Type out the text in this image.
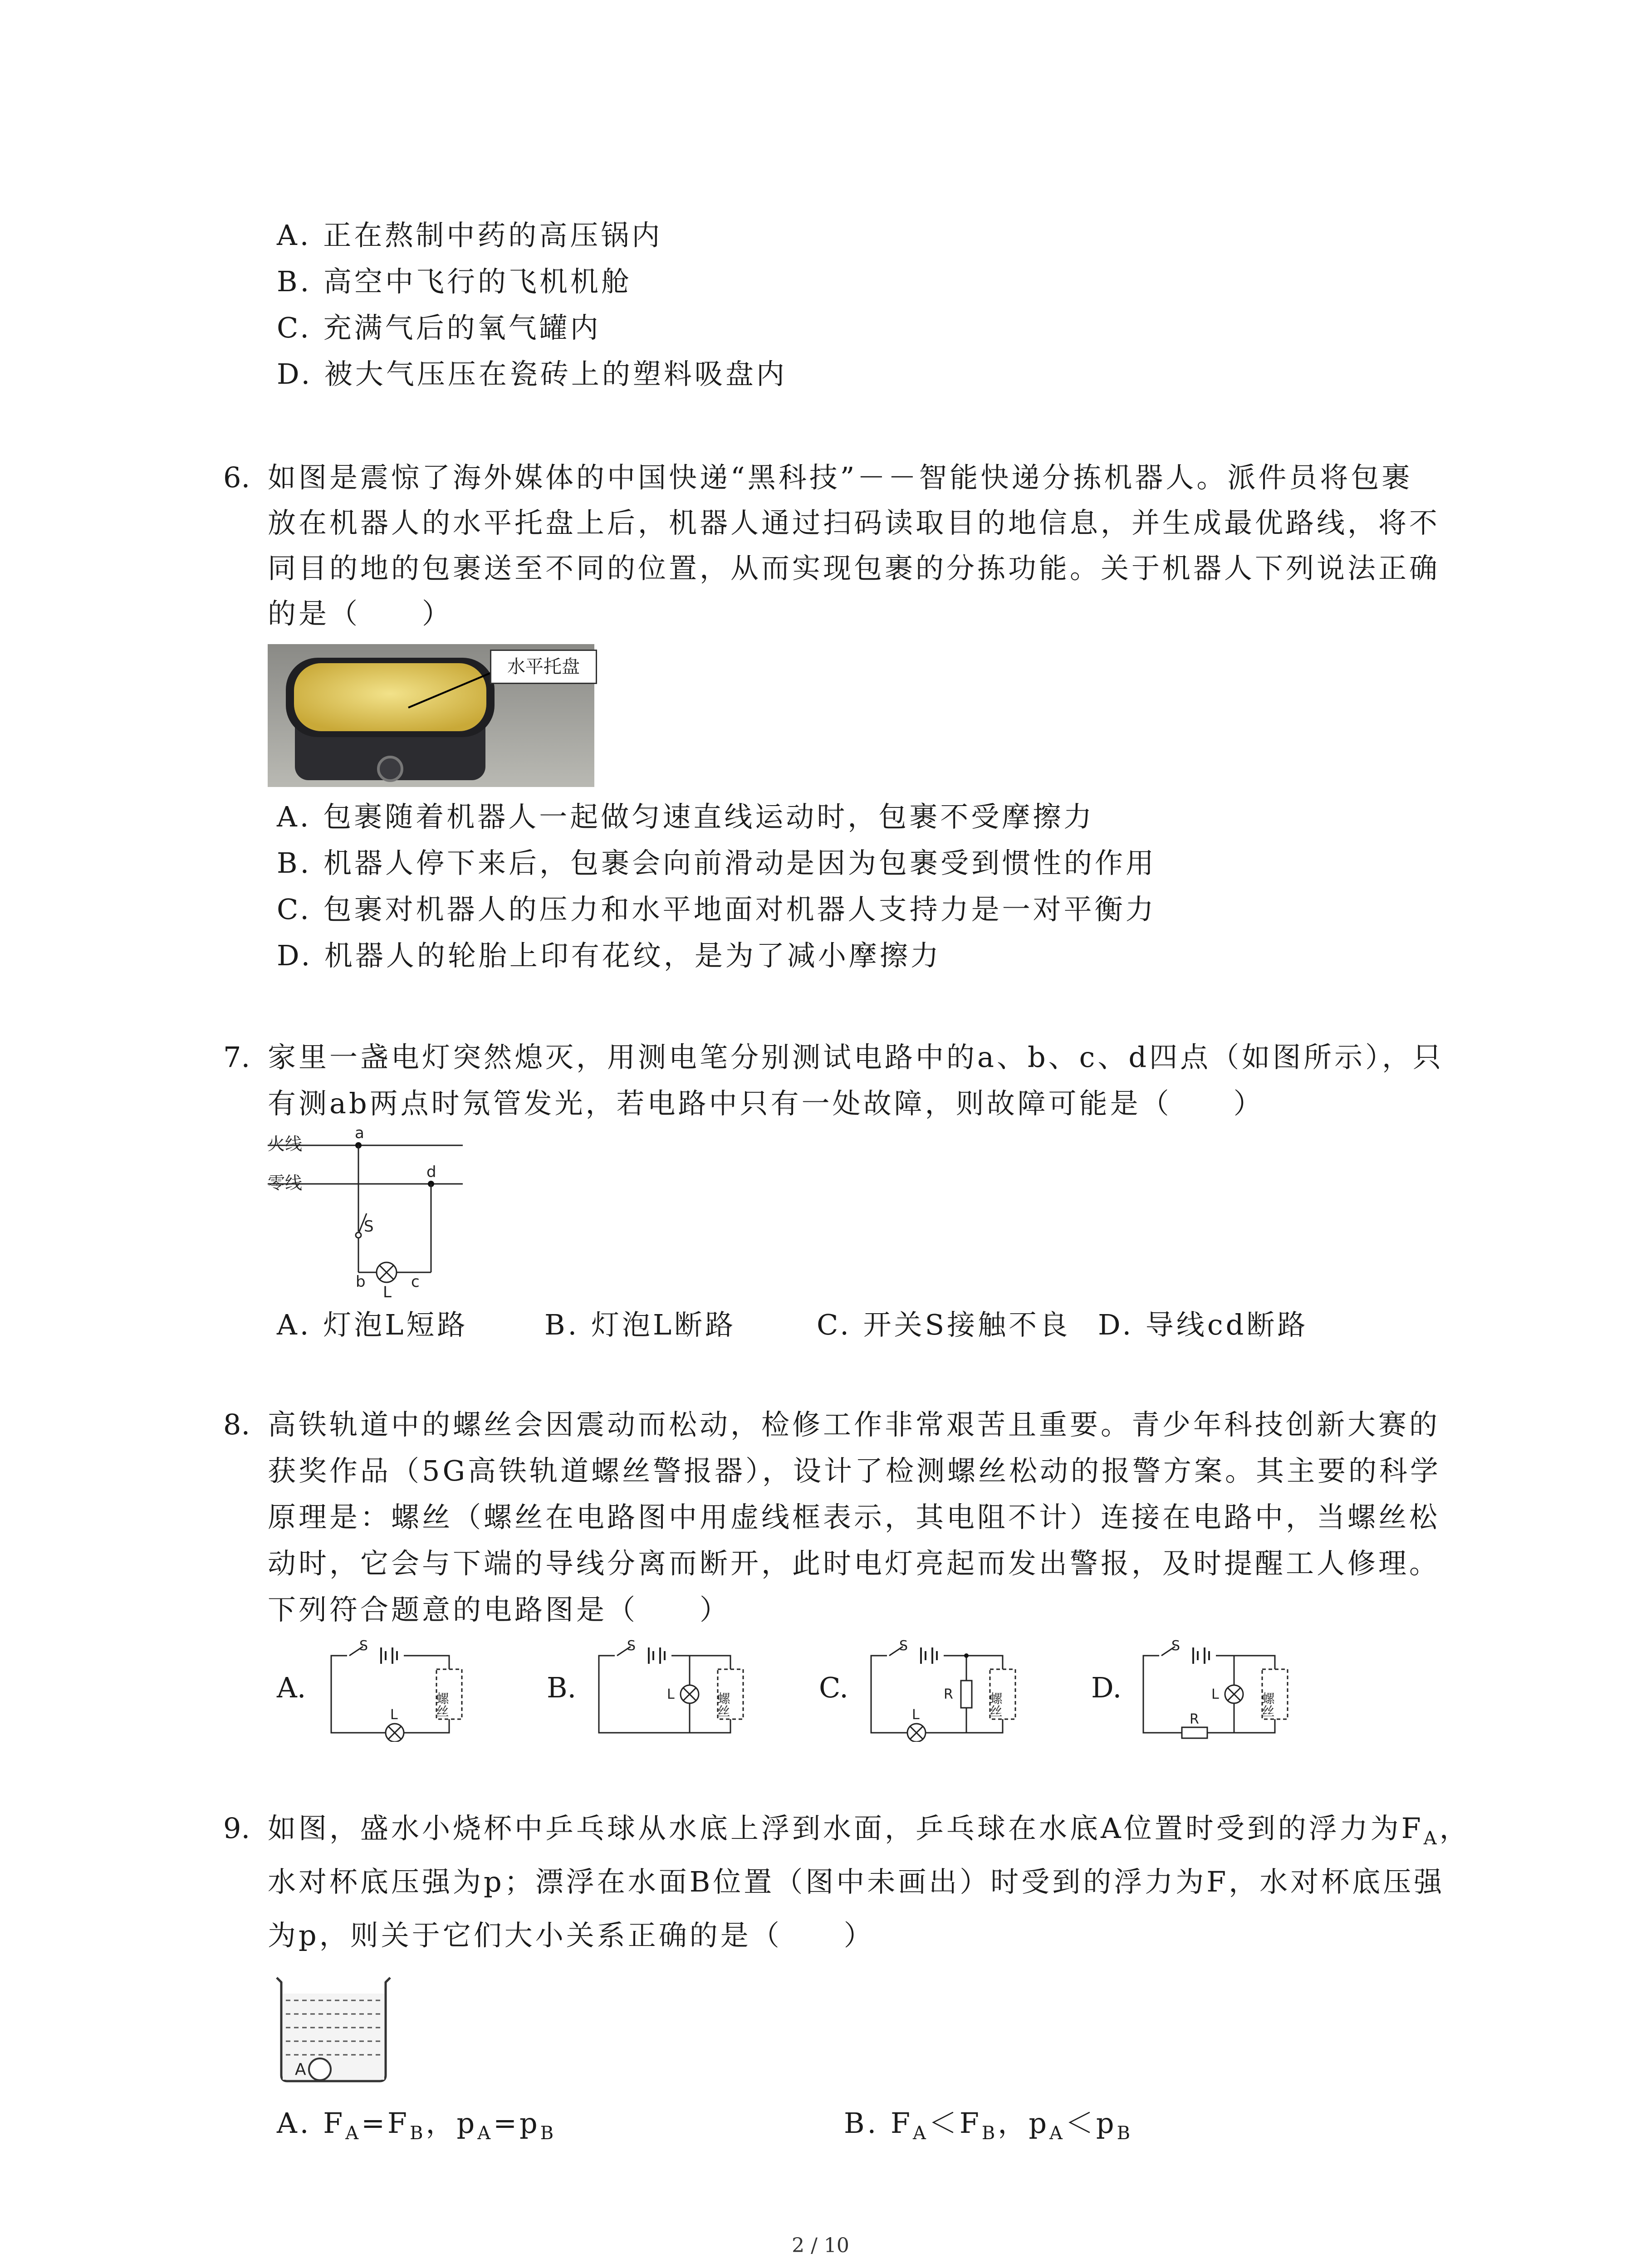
A. 正在熬制中药的高压锅内
B. 高空中飞行的飞机机舱
C. 充满气后的氧气罐内
D. 被大气压压在瓷砖上的塑料吸盘内
6. 如图是震惊了海外媒体的中国快递“黑科技”－－智能快递分拣机器人。派件员将包裹
放在机器人的水平托盘上后，机器人通过扫码读取目的地信息，并生成最优路线，将不
同目的地的包裹送至不同的位置，从而实现包裹的分拣功能。关于机器人下列说法正确
的是（　　）
水平托盘
A. 包裹随着机器人一起做匀速直线运动时，包裹不受摩擦力
B. 机器人停下来后，包裹会向前滑动是因为包裹受到惯性的作用
C. 包裹对机器人的压力和水平地面对机器人支持力是一对平衡力
D. 机器人的轮胎上印有花纹，是为了减小摩擦力
7. 家里一盏电灯突然熄灭，用测电笔分别测试电路中的a、b、c、d四点（如图所示），只
有测ab两点时氖管发光，若电路中只有一处故障，则故障可能是（　　）
火线
零线
a
d
S
b	c
L
A. 灯泡L短路	B. 灯泡L断路	C. 开关S接触不良 D. 导线cd断路
8. 高铁轨道中的螺丝会因震动而松动，检修工作非常艰苦且重要。青少年科技创新大赛的
获奖作品（5G高铁轨道螺丝警报器），设计了检测螺丝松动的报警方案。其主要的科学
原理是：螺丝（螺丝在电路图中用虚线框表示，其电阻不计）连接在电路中，当螺丝松
动时，它会与下端的导线分离而断开，此时电灯亮起而发出警报，及时提醒工人修理。
下列符合题意的电路图是（　　）
A.
S
L	螺丝
B.
S
L	螺丝
C.
S
R
L	螺丝
D.
S
L
R
螺丝
9. 如图，盛水小烧杯中乒乓球从水底上浮到水面，乒乓球在水底A位置时受到的浮力为$F_A$，
水对杯底压强为p；漂浮在水面B位置（图中未画出）时受到的浮力为F，水对杯底压强
为p，则关于它们大小关系正确的是（　　）
A
A. $F_A=F_B$，$p_A=p_B$	B. $F_A<F_B$，$p_A<p_B$
2 / 10
